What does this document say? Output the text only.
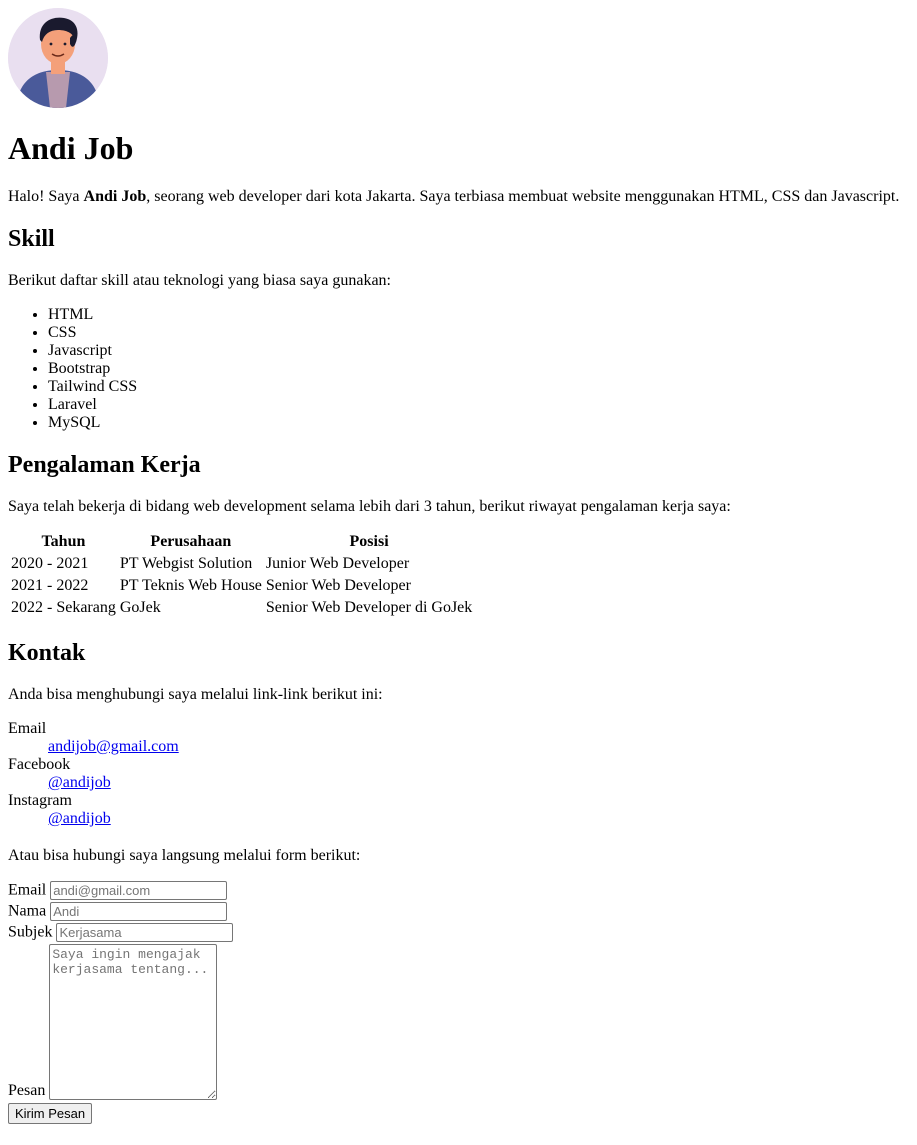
Andi Job

Halo! Saya Andi Job, seorang web developer dari kota Jakarta. Saya terbiasa membuat website menggunakan HTML, CSS dan Javascript.

Skill

Berikut daftar skill atau teknologi yang biasa saya gunakan:

• HTML
• CSS
• Javascript
• Bootstrap
• Tailwind CSS
• Laravel
• MySQL
Pengalaman Kerja

Saya telah bekerja di bidang web development selama lebih dari 3 tahun, berikut riwayat pengalaman kerja saya:

Tahun	Perusahaan	Posisi
2020 - 2021	PT Webgist Solution	Junior Web Developer
2021 - 2022	PT Teknis Web House	Senior Web Developer
2022 - Sekarang	GoJek	Senior Web Developer di GoJek
Kontak

Anda bisa menghubungi saya melalui link-link berikut ini:

Email
andijob@gmail.com
Facebook
@andijob
Instagram
@andijob

Atau bisa hubungi saya langsung melalui form berikut:

Email andi@gmail.com
Nama Andi
Subjek Kerjasama
Pesan Saya ingin mengajak kerjasama tentang...
Kirim Pesan
